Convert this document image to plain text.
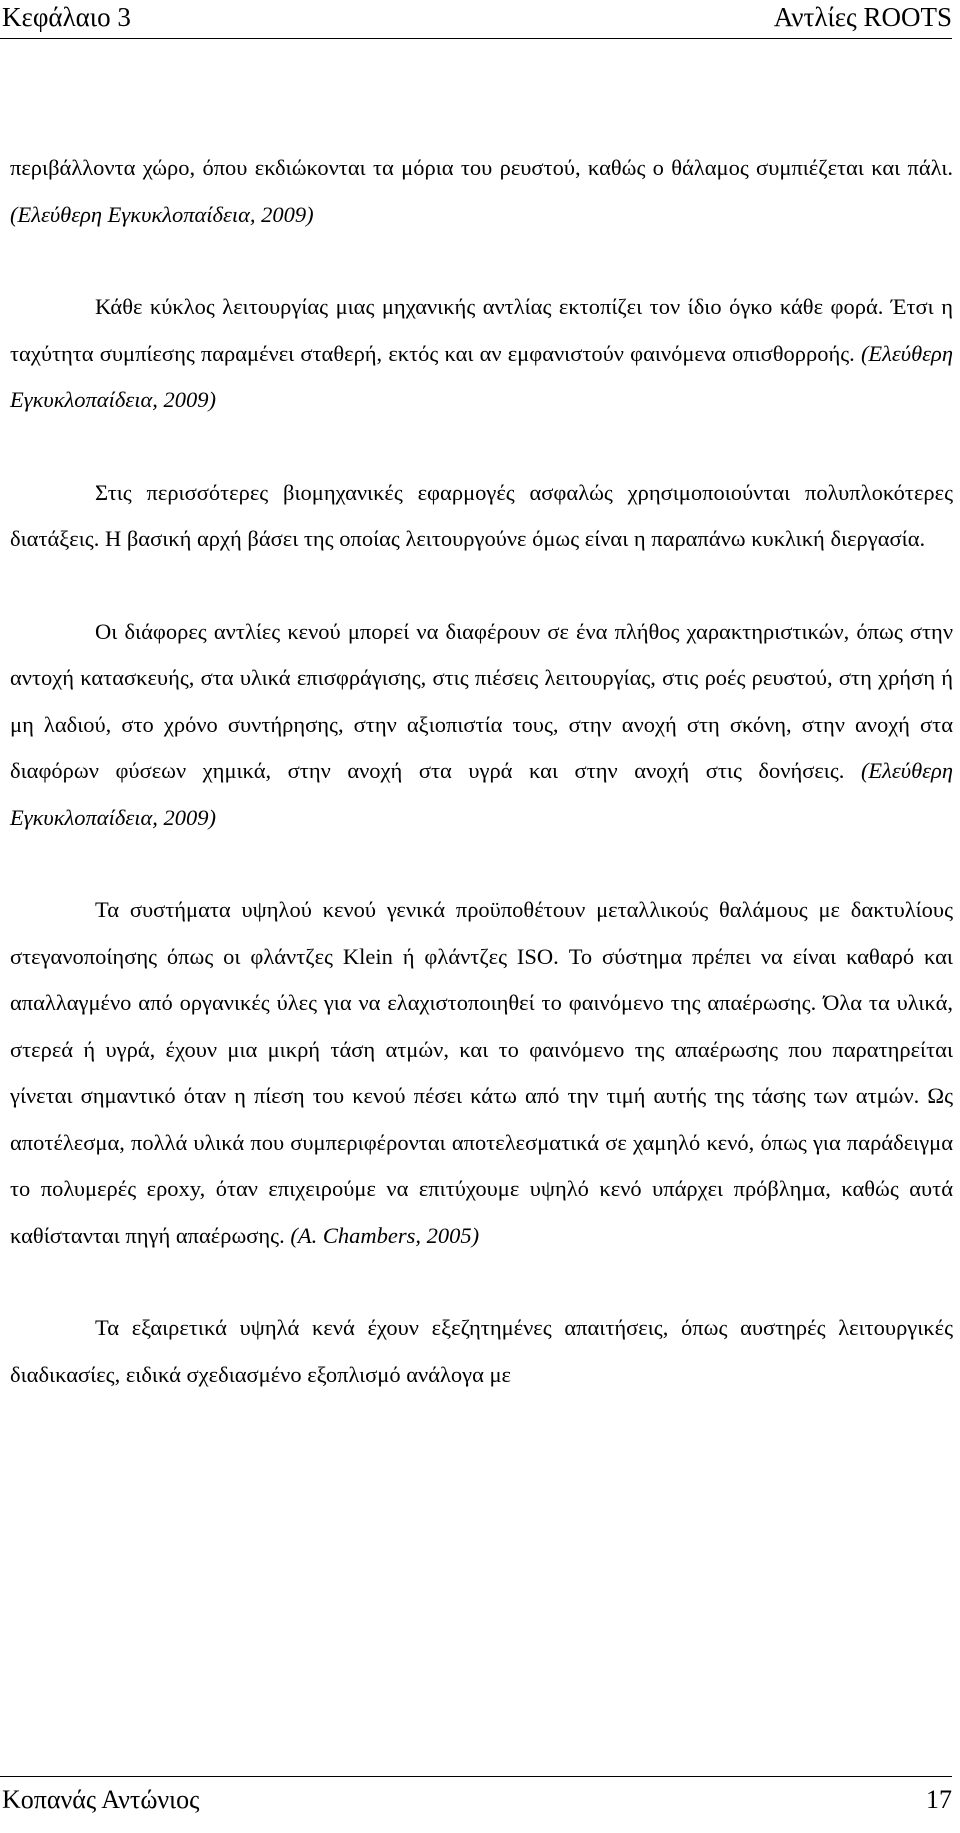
Κεφάλαιο 3	Αντλίες ROOTS

περιβάλλοντα χώρο, όπου εκδιώκονται τα μόρια του ρευστού, καθώς ο θάλαμος συμπιέζεται και πάλι. (Ελεύθερη Εγκυκλοπαίδεια, 2009)

Κάθε κύκλος λειτουργίας μιας μηχανικής αντλίας εκτοπίζει τον ίδιο όγκο κάθε φορά. Έτσι η ταχύτητα συμπίεσης παραμένει σταθερή, εκτός και αν εμφανιστούν φαινόμενα οπισθορροής. (Ελεύθερη Εγκυκλοπαίδεια, 2009)

Στις περισσότερες βιομηχανικές εφαρμογές ασφαλώς χρησιμοποιούνται πολυπλοκότερες διατάξεις. Η βασική αρχή βάσει της οποίας λειτουργούνε όμως είναι η παραπάνω κυκλική διεργασία.

Οι διάφορες αντλίες κενού μπορεί να διαφέρουν σε ένα πλήθος χαρακτηριστικών, όπως στην αντοχή κατασκευής, στα υλικά επισφράγισης, στις πιέσεις λειτουργίας, στις ροές ρευστού, στη χρήση ή μη λαδιού, στο χρόνο συντήρησης, στην αξιοπιστία τους, στην ανοχή στη σκόνη, στην ανοχή στα διαφόρων φύσεων χημικά, στην ανοχή στα υγρά και στην ανοχή στις δονήσεις. (Ελεύθερη Εγκυκλοπαίδεια, 2009)

Τα συστήματα υψηλού κενού γενικά προϋποθέτουν μεταλλικούς θαλάμους με δακτυλίους στεγανοποίησης όπως οι φλάντζες Klein ή φλάντζες ISO. Το σύστημα πρέπει να είναι καθαρό και απαλλαγμένο από οργανικές ύλες για να ελαχιστοποιηθεί το φαινόμενο της απαέρωσης. Όλα τα υλικά, στερεά ή υγρά, έχουν μια μικρή τάση ατμών, και το φαινόμενο της απαέρωσης που παρατηρείται γίνεται σημαντικό όταν η πίεση του κενού πέσει κάτω από την τιμή αυτής της τάσης των ατμών. Ως αποτέλεσμα, πολλά υλικά που συμπεριφέρονται αποτελεσματικά σε χαμηλό κενό, όπως για παράδειγμα το πολυμερές εροxy, όταν επιχειρούμε να επιτύχουμε υψηλό κενό υπάρχει πρόβλημα, καθώς αυτά καθίστανται πηγή απαέρωσης. (A. Chambers, 2005)

Τα εξαιρετικά υψηλά κενά έχουν εξεζητημένες απαιτήσεις, όπως αυστηρές λειτουργικές διαδικασίες, ειδικά σχεδιασμένο εξοπλισμό ανάλογα με

Κοπανάς Αντώνιος	17
